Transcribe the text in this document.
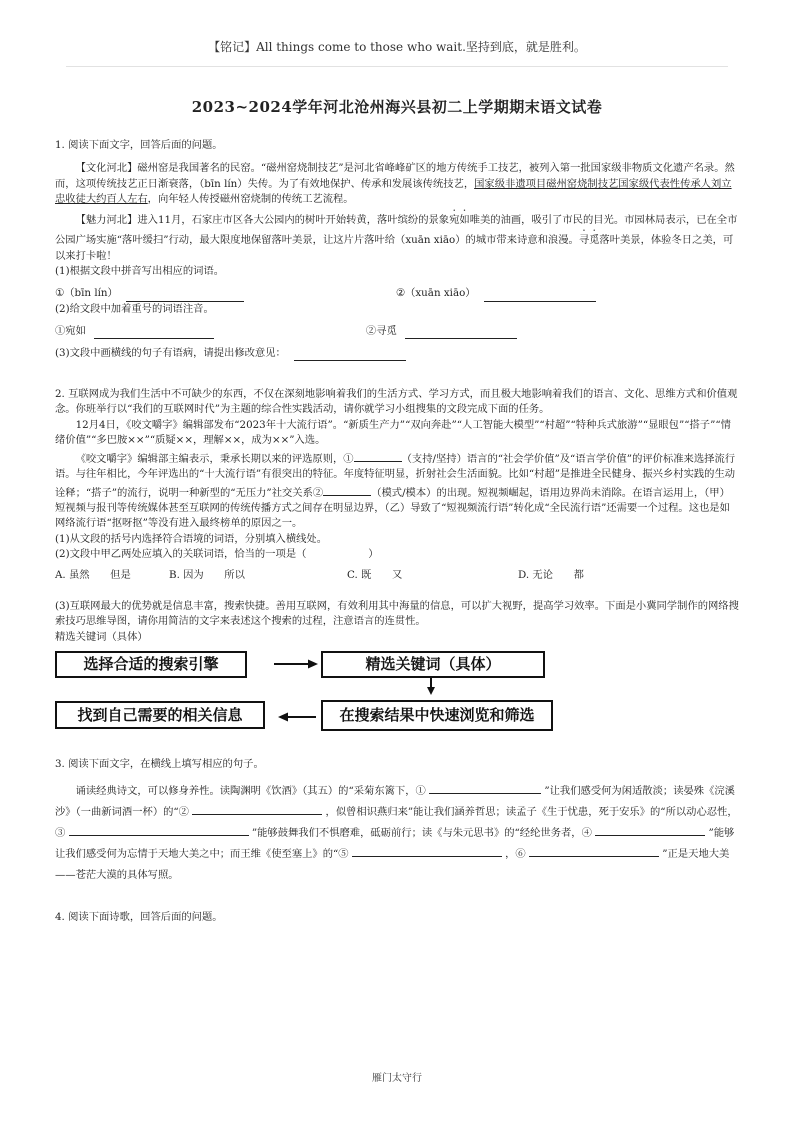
【铭记】All things come to those who wait.坚持到底，就是胜利。
2023~2024学年河北沧州海兴县初二上学期期末语文试卷

1. 阅读下面文字，回答后面的问题。

【文化河北】磁州窑是我国著名的民窑。“磁州窑烧制技艺”是河北省峰峰矿区的地方传统手工技艺，被列入第一批国家级非物质文化遗产名录。然而，这项传统技艺正日渐衰落，（bīn lín）失传。为了有效地保护、传承和发展该传统技艺，国家级非遗项目磁州窑烧制技艺国家级代表性传承人刘立忠收徒大约百人左右，向年轻人传授磁州窑烧制的传统工艺流程。

【魅力河北】进入11月，石家庄市区各大公园内的树叶开始转黄，落叶缤纷的景象宛如唯美的油画，吸引了市民的目光。市园林局表示，已在全市公园广场实施“落叶缓扫”行动，最大限度地保留落叶美景，让这片片落叶给（xuān xiāo）的城市带来诗意和浪漫。寻觅落叶美景，体验冬日之美，可以来打卡啦！

(1)根据文段中拼音写出相应的词语。

①（bīn lín）	②（xuān xiāo）

(2)给文段中加着重号的词语注音。

①宛如	②寻觅
(3)文段中画横线的句子有语病，请提出修改意见：

2. 互联网成为我们生活中不可缺少的东西，不仅在深刻地影响着我们的生活方式、学习方式，而且极大地影响着我们的语言、文化、思维方式和价值观念。你班举行以“我们的互联网时代”为主题的综合性实践活动，请你就学习小组搜集的文段完成下面的任务。

12月4日，《咬文嚼字》编辑部发布“2023年十大流行语”。“新质生产力”“双向奔赴”“人工智能大模型”“村超”“特种兵式旅游”“显眼包”“搭子”“情绪价值”“多巴胺××”“质疑××，理解××，成为××”入选。

《咬文嚼字》编辑部主编表示，秉承长期以来的评选原则，①	（支持/坚持）语言的“社会学价值”及“语言学价值”的评价标准来选择流行语。与往年相比，今年评选出的“十大流行语”有很突出的特征。年度特征明显，折射社会生活面貌。比如“村超”是推进全民健身、振兴乡村实践的生动诠释；“搭子”的流行，说明一种新型的“无压力”社交关系②	（模式/模本）的出现。短视频崛起，语用边界尚未消除。在语言运用上，（甲）短视频与报刊等传统媒体甚至互联网的传统传播方式之间存在明显边界，（乙）导致了“短视频流行语”转化成“全民流行语”还需要一个过程。这也是如网络流行语“抠呀抠”等没有进入最终榜单的原因之一。

(1)从文段的括号内选择符合语境的词语，分别填入横线处。

(2)文段中甲乙两处应填入的关联词语，恰当的一项是（　　　　　　）

A. 虽然　　但是	B. 因为　　所以	C. 既　　又	D. 无论　　都

(3)互联网最大的优势就是信息丰富，搜索快捷。善用互联网，有效利用其中海量的信息，可以扩大视野，提高学习效率。下面是小冀同学制作的网络搜索技巧思维导图，请你用简洁的文字来表述这个搜索的过程，注意语言的连贯性。

精选关键词（具体）

选择合适的搜索引擎	精选关键词（具体）
在搜索结果中快速浏览和筛选
找到自己需要的相关信息

3. 阅读下面文字，在横线上填写相应的句子。

诵读经典诗文，可以修身养性。读陶渊明《饮酒》（其五）的“采菊东篱下，①	”让我们感受何为闲适散淡；读晏殊《浣溪沙》（一曲新词酒一杯）的“②	，似曾相识燕归来”能让我们涵养哲思；读孟子《生于忧患，死于安乐》的“所以动心忍性，③	”能够鼓舞我们不惧磨难，砥砺前行；读《与朱元思书》的“经纶世务者，④	”能够让我们感受何为忘情于天地大美之中；而王维《使至塞上》的“⑤	，⑥	”正是天地大美——苍茫大漠的具体写照。

4. 阅读下面诗歌，回答后面的问题。

雁门太守行
